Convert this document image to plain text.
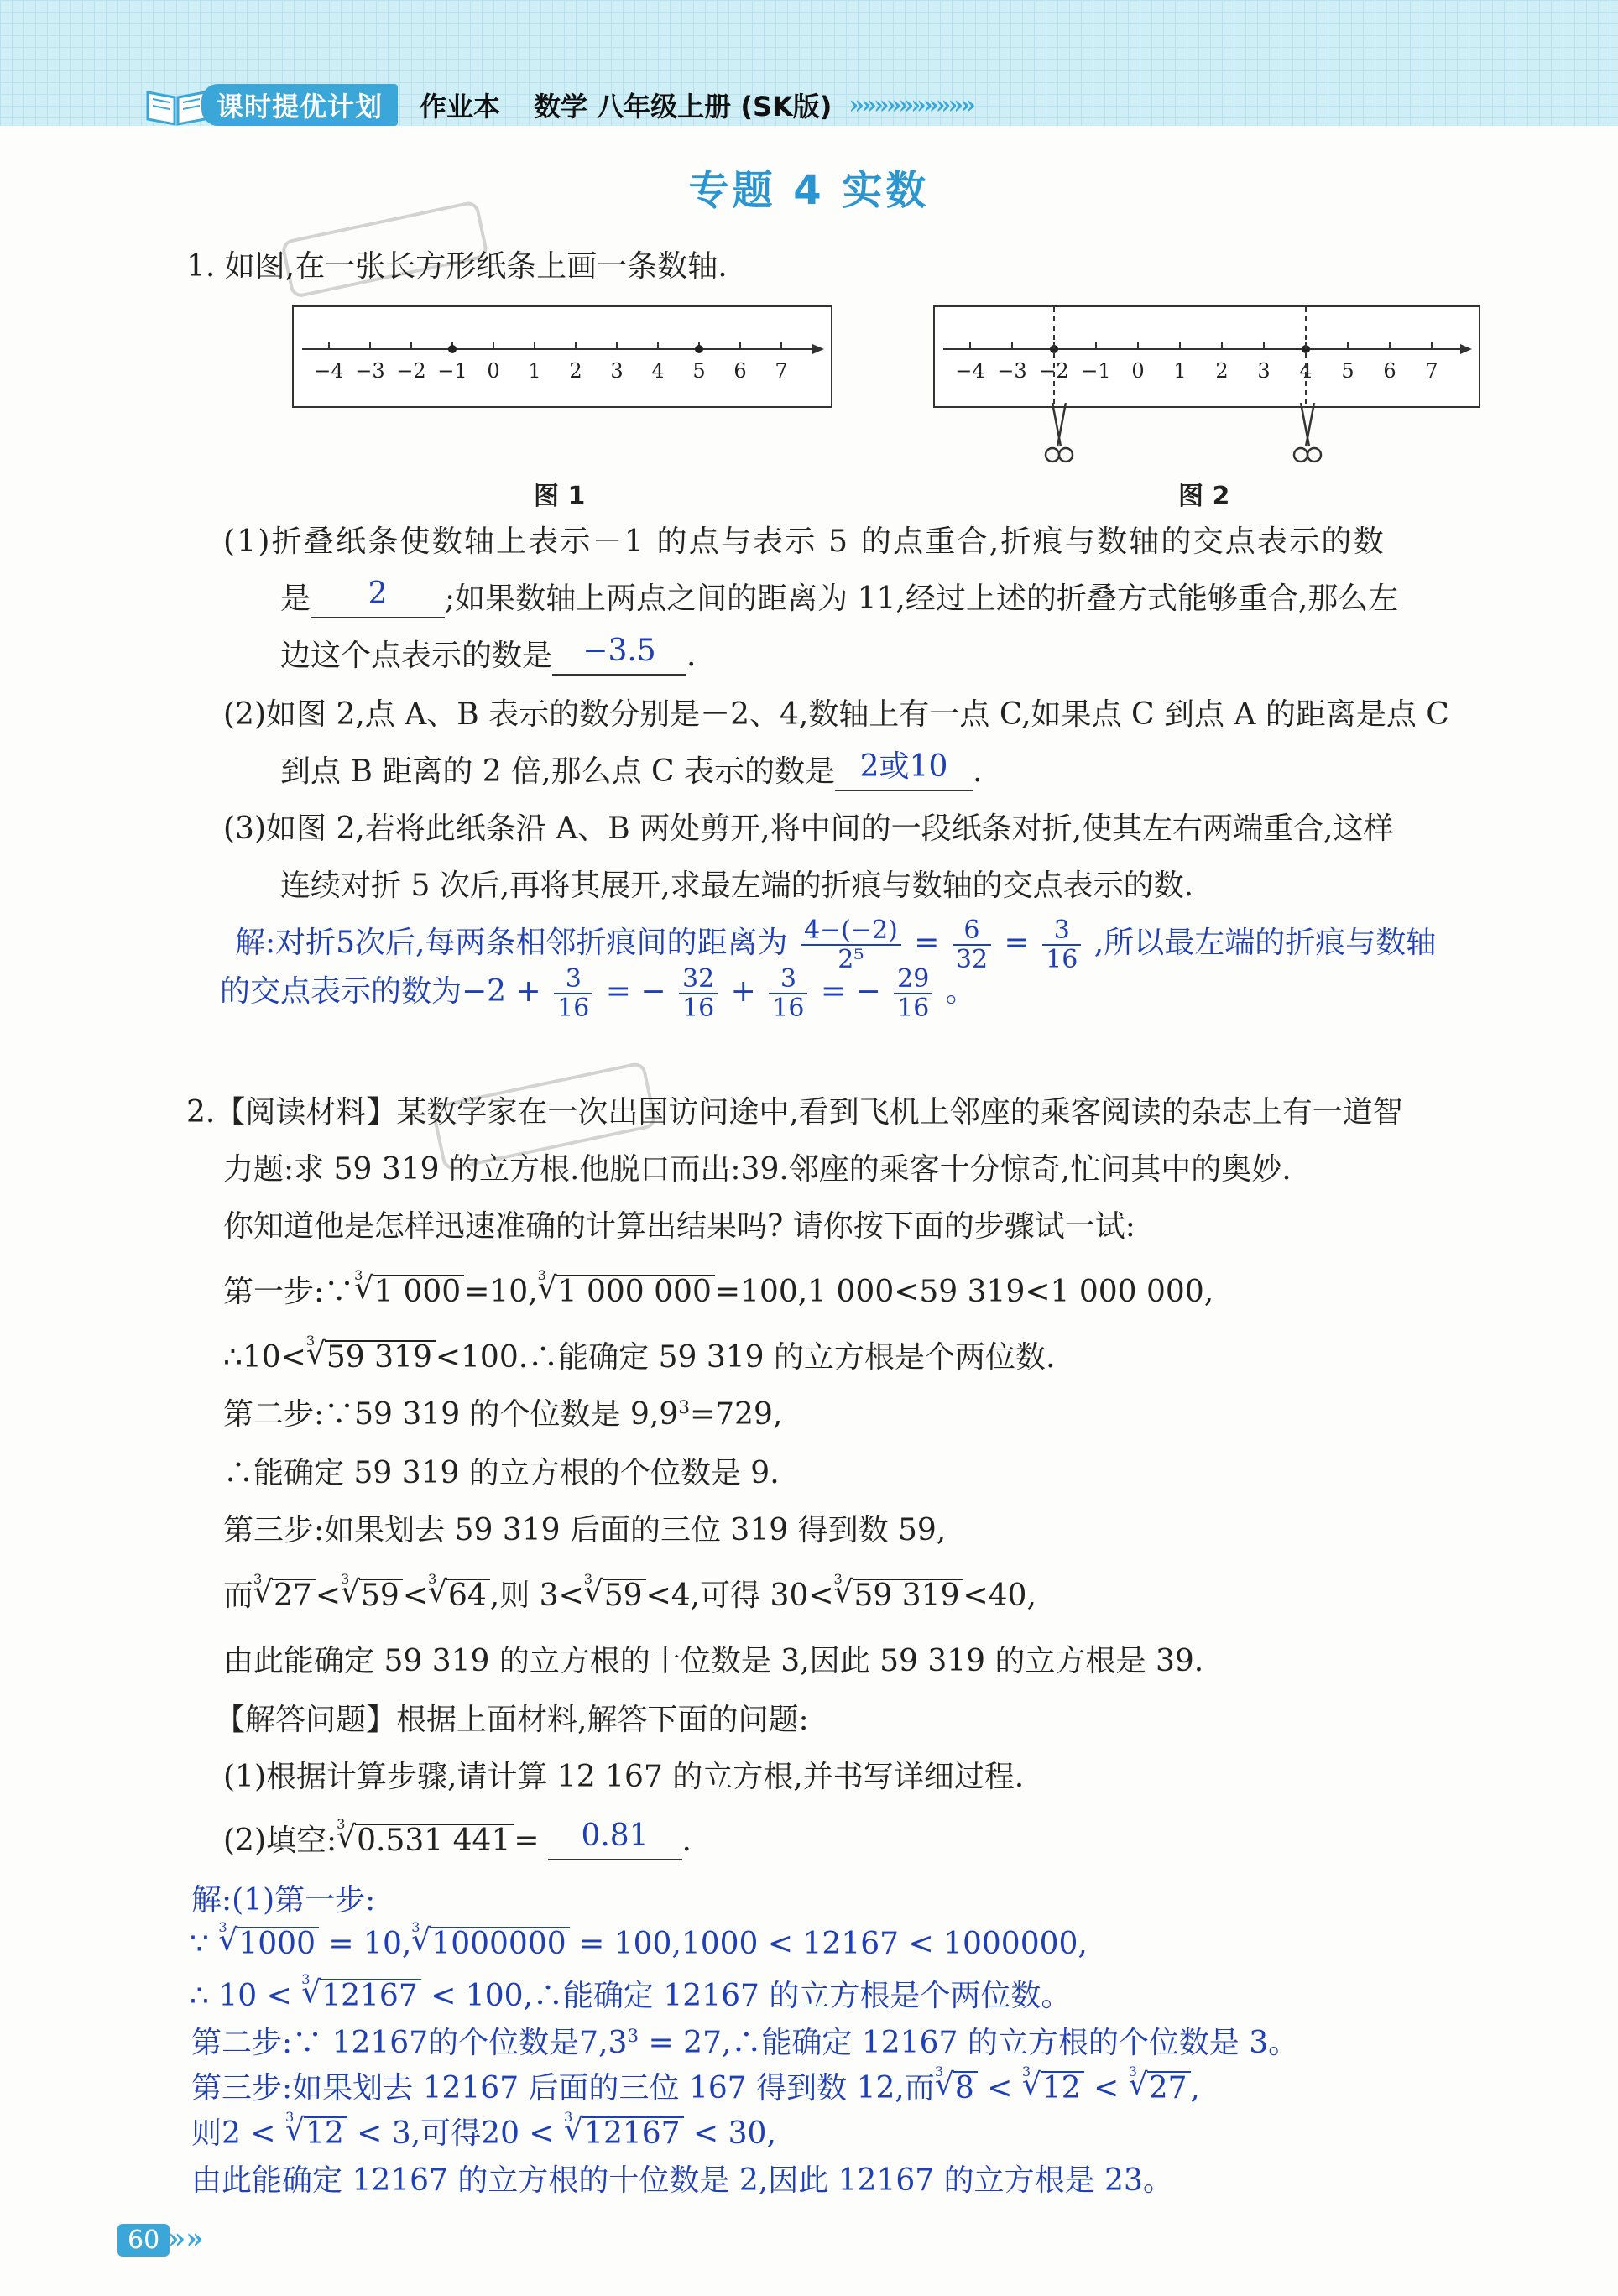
课时提优计划	作业本 数学 八年级上册 (SK版) »»»»»»»»»»
专题 4 实数
1. 如图,在一张长方形纸条上画一条数轴.
−4 −3 −2 −1 0 1 2 3 4 5 6 7	−4 −3 −2 −1 0 1 2 3 4 5 6 7
图 1	图 2
(1)折叠纸条使数轴上表示－1 的点与表示 5 的点重合,折痕与数轴的交点表示的数
是 2 ;如果数轴上两点之间的距离为 11,经过上述的折叠方式能够重合,那么左
边这个点表示的数是 −3.5 .
(2)如图 2,点 A、B 表示的数分别是－2、4,数轴上有一点 C,如果点 C 到点 A 的距离是点 C
到点 B 距离的 2 倍,那么点 C 表示的数是 2或10 .
(3)如图 2,若将此纸条沿 A、B 两处剪开,将中间的一段纸条对折,使其左右两端重合,这样
连续对折 5 次后,再将其展开,求最左端的折痕与数轴的交点表示的数.
解:对折5次后,每两条相邻折痕间的距离为 $\frac{4-(-2)}{\text{2⁵}} = \frac{6}{32} = \frac{3}{16}$ ,所以最左端的折痕与数轴
的交点表示的数为$-2 + \frac{3}{16}$ = − $\frac{32}{16} + \frac{3}{16}$ = − $\frac{29}{16}$ 。
2.【阅读材料】某数学家在一次出国访问途中,看到飞机上邻座的乘客阅读的杂志上有一道智
力题:求 59 319 的立方根.他脱口而出:39.邻座的乘客十分惊奇,忙问其中的奥妙.
你知道他是怎样迅速准确的计算出结果吗? 请你按下面的步骤试一试:
第一步:∵ √ 3 1 000 =10, √ 3 1 000 000 =100,1 000<59 319<1 000 000,
∴10< √ 3 59 319 <100.∴能确定 59 319 的立方根是个两位数.
第二步:∵59 319 的个位数是 $9,9^3=729$,
∴能确定 59 319 的立方根的个位数是 9.
第三步:如果划去 59 319 后面的三位 319 得到数 59,
而 √ 3 27 < √ 3 59 < √ 3 64 ,则 3< √ 3 59 <4,可得 30< √ 3 59 319 <40,
由此能确定 59 319 的立方根的十位数是 3,因此 59 319 的立方根是 39.
【解答问题】根据上面材料,解答下面的问题:
(1)根据计算步骤,请计算 12 167 的立方根,并书写详细过程.
(2)填空: √ 3 0.531 441 = 0.81 .
解:(1)第一步:
∵ √ 3 1000 = 10, √ 3 1000000 = 100,1000 < 12167 < 1000000,
∴ 10 < √ 3 12167 < 100,∴能确定 12167 的立方根是个两位数。
第二步:∵ 12167的个位数是$7,3^3$ = 27,∴能确定 12167 的立方根的个位数是 3。
第三步:如果划去 12167 后面的三位 167 得到数 12,而 √ 3 8 < √ 3 12 < √ 3 27 ,
则2 < √ 3 12 < 3,可得20 < √ 3 12167 < 30,
由此能确定 12167 的立方根的十位数是 2,因此 12167 的立方根是 23。
60 »»
